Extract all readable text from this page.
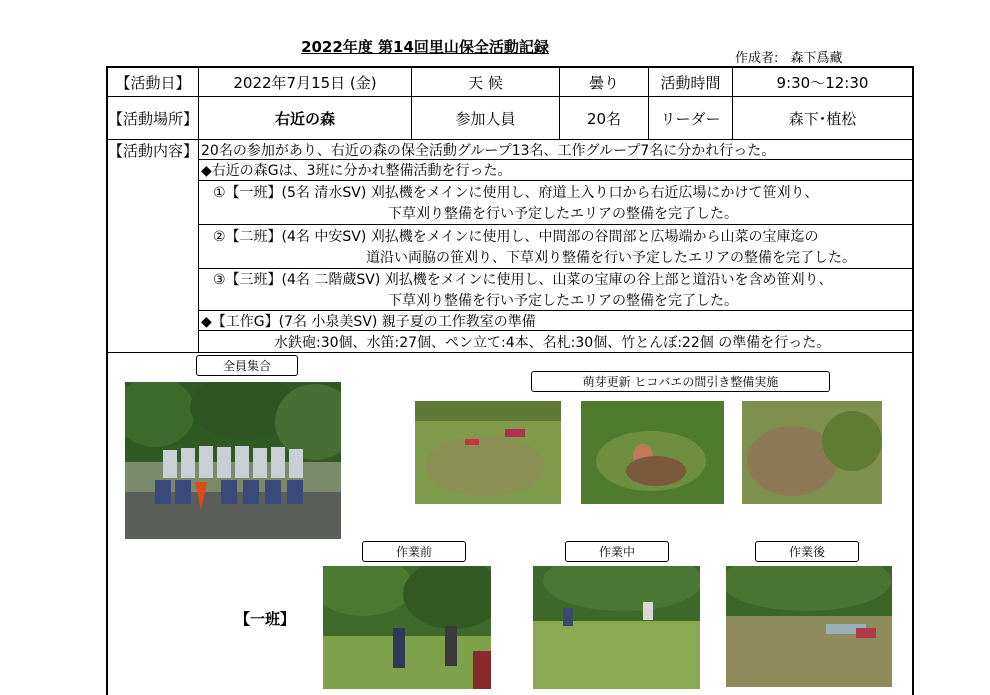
2022年度 第14回里山保全活動記録
作成者: 森下爲藏
【活動日】	2022年7月15日 (金)	天 候	曇り	活動時間	9:30～12:30
【活動場所】	右近の森	参加人員	20名	リーダー	森下･植松
【活動内容】 20名の参加があり、右近の森の保全活動グループ13名、工作グループ7名に分かれ行った。
◆右近の森Gは、3班に分かれ整備活動を行った。
①【一班】(5名 清水SV) 刈払機をメインに使用し、府道上入り口から右近広場にかけて笹刈り、
下草刈り整備を行い予定したエリアの整備を完了した。
②【二班】(4名 中安SV) 刈払機をメインに使用し、中間部の谷間部と広場端から山菜の宝庫迄の
道沿い両脇の笹刈り、下草刈り整備を行い予定したエリアの整備を完了した。
③【三班】(4名 二階蔵SV) 刈払機をメインに使用し、山菜の宝庫の谷上部と道沿いを含め笹刈り、
下草刈り整備を行い予定したエリアの整備を完了した。
◆【工作G】(7名 小泉美SV) 親子夏の工作教室の準備
水鉄砲:30個、水笛:27個、ペン立て:4本、名札:30個、竹とんぼ:22個 の準備を行った。
全員集合
萌芽更新 ヒコバエの間引き整備実施
作業前	作業中	作業後
【一班】
